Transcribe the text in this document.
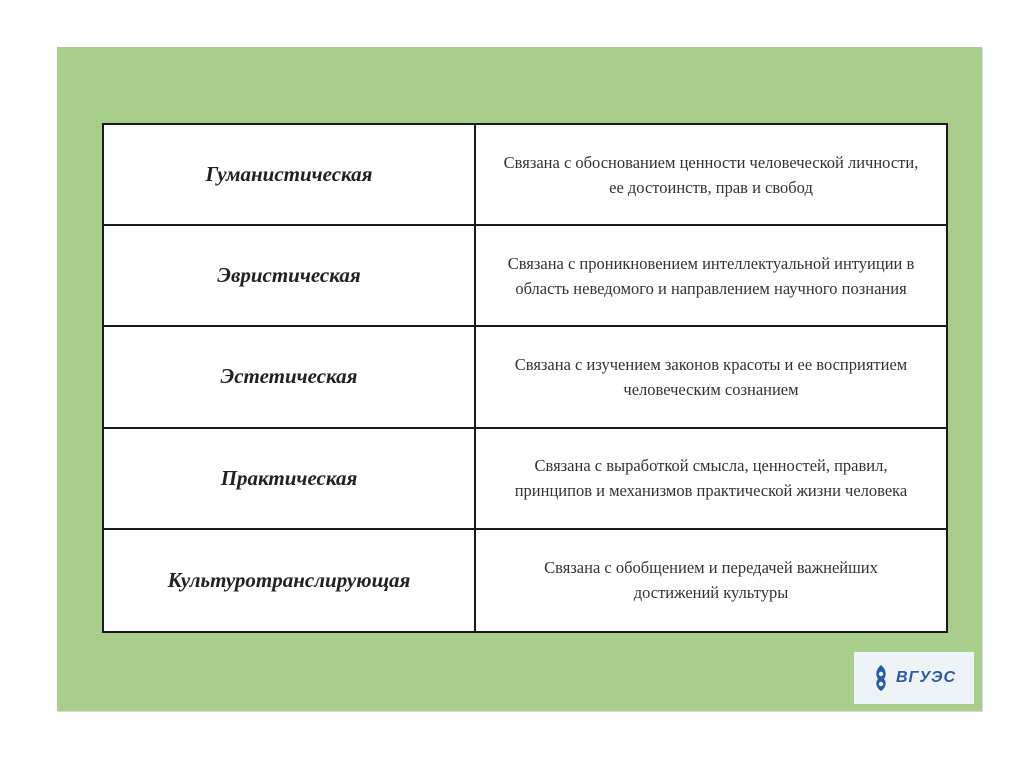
Гуманистическая	Связана с обоснованием ценности человеческой личности, ее достоинств, прав и свобод
Эвристическая	Связана с проникновением интеллектуальной интуиции в область неведомого и направлением научного познания
Эстетическая	Связана с изучением законов красоты и ее восприятием человеческим сознанием
Практическая	Связана с выработкой смысла, ценностей, правил, принципов и механизмов практической жизни человека
Культуротранслирующая	Связана с обобщением и передачей важнейших достижений культуры
ВГУЭС
